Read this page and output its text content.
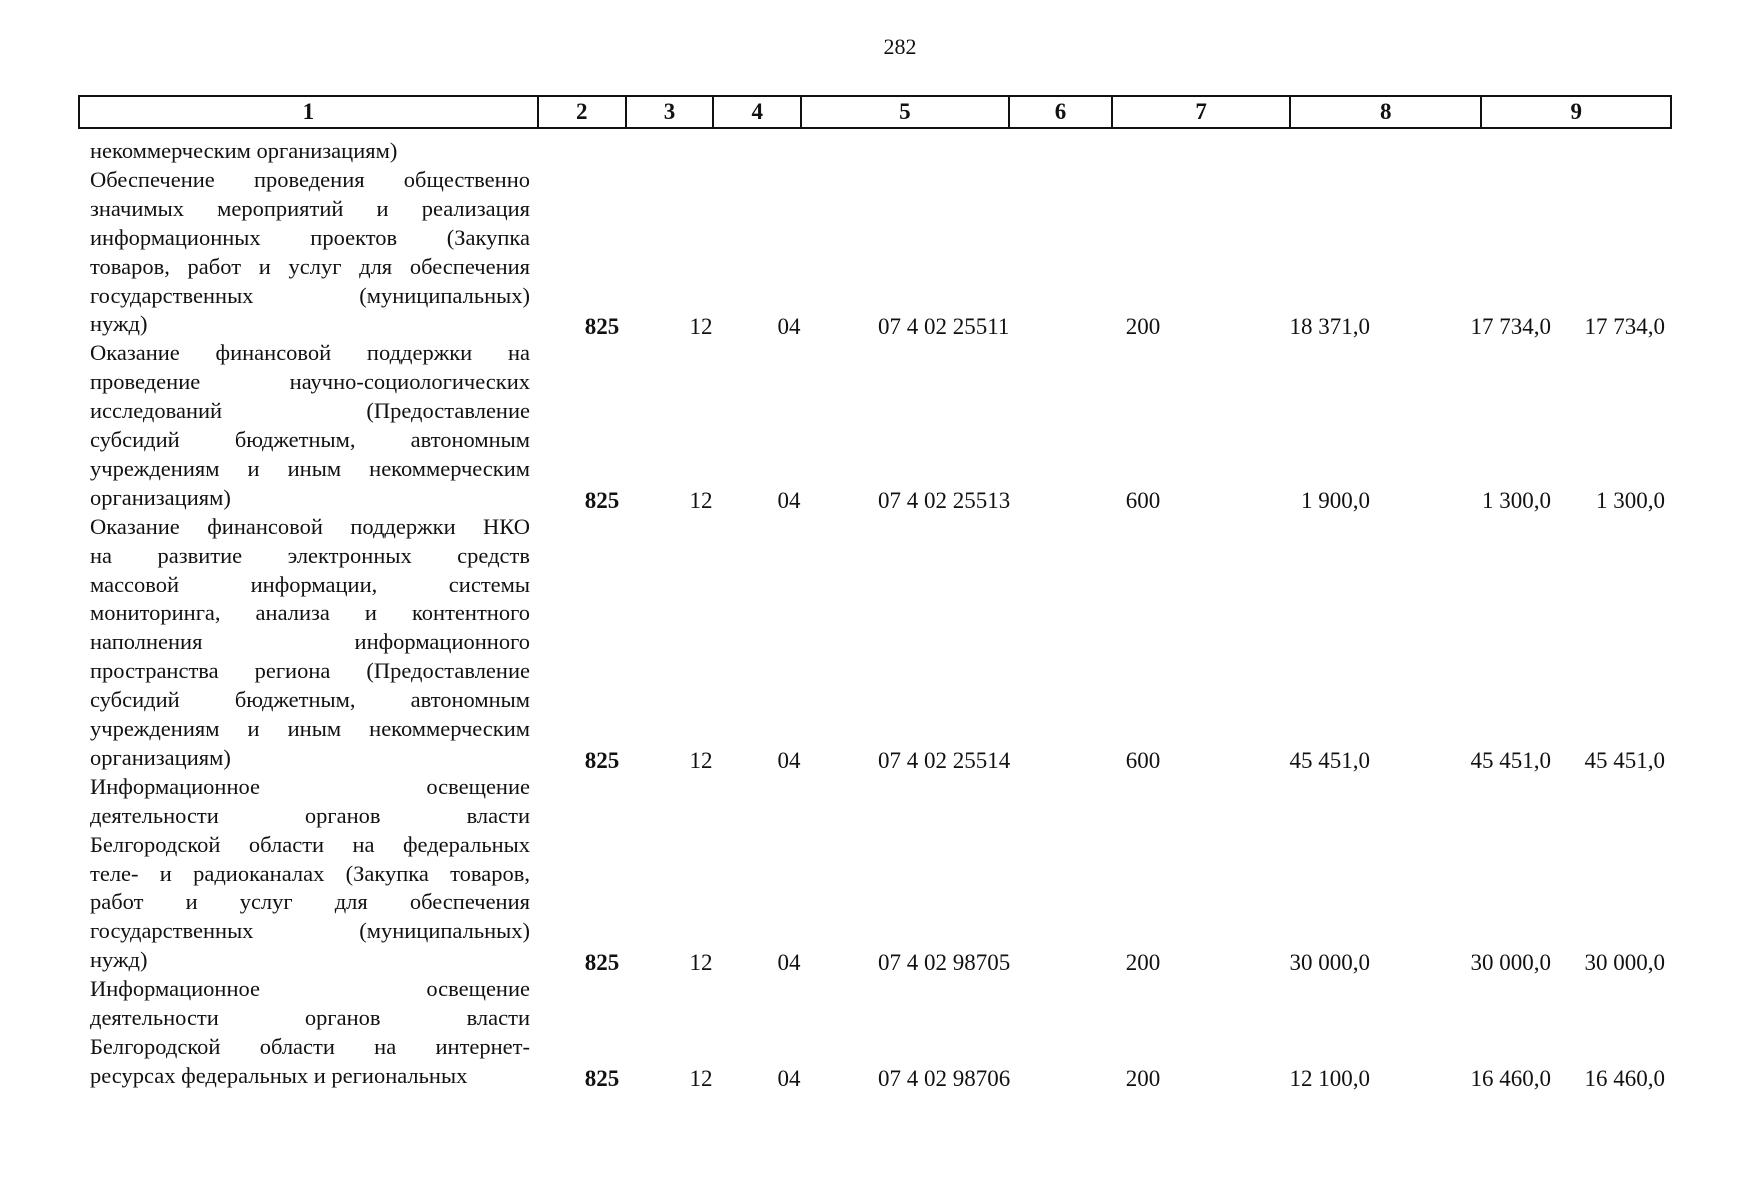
282
1	2	3	4	5	6	7	8	9
некоммерческим организациям)
Обеспечение проведения общественно
значимых мероприятий и реализация
информационных проектов (Закупка
товаров, работ и услуг для обеспечения
государственных (муниципальных)
нужд)	825	12	04	07 4 02 25511	200	18 371,0	17 734,0	17 734,0
Оказание финансовой поддержки на
проведение научно-социологических
исследований (Предоставление
субсидий бюджетным, автономным
учреждениям и иным некоммерческим
организациям)	825	12	04	07 4 02 25513	600	1 900,0	1 300,0	1 300,0
Оказание финансовой поддержки НКО
на развитие электронных средств
массовой информации, системы
мониторинга, анализа и контентного
наполнения информационного
пространства региона (Предоставление
субсидий бюджетным, автономным
учреждениям и иным некоммерческим
организациям)	825	12	04	07 4 02 25514	600	45 451,0	45 451,0	45 451,0
Информационное освещение
деятельности органов власти
Белгородской области на федеральных
теле- и радиоканалах (Закупка товаров,
работ и услуг для обеспечения
государственных (муниципальных)
нужд)	825	12	04	07 4 02 98705	200	30 000,0	30 000,0	30 000,0
Информационное освещение
деятельности органов власти
Белгородской области на интернет-
ресурсах федеральных и региональных	825	12	04	07 4 02 98706	200	12 100,0	16 460,0	16 460,0
